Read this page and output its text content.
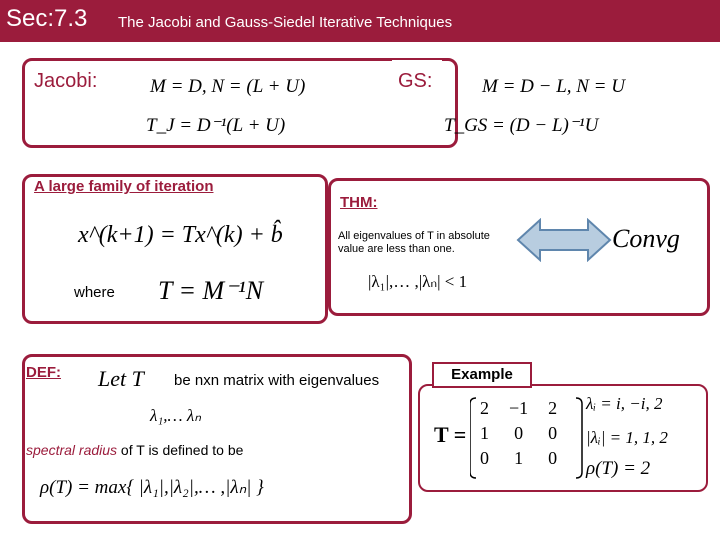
Sec:7.3 The Jacobi and Gauss-Siedel Iterative Techniques
Jacobi:	M = D, N = (L + U)
T_J = D⁻¹(L + U)
GS:	M = D − L, N = U
T_GS = (D − L)⁻¹U
A large family of iteration
x^(k+1) = Tx^(k) + b̂
where T = M⁻¹N
THM:
All eigenvalues of T in absolute value are less than one.
|λ₁|,… ,|λₙ| < 1
Convg
DEF: Let T be nxn matrix with eigenvalues
λ₁,… λₙ
spectral radius of T is defined to be
ρ(T) = max{ |λ₁|,|λ₂|,… ,|λₙ| }
Example
T =
2	−1	2
1	0	0
0	1	0
λᵢ = i, −i, 2
|λᵢ| = 1, 1, 2
ρ(T) = 2
